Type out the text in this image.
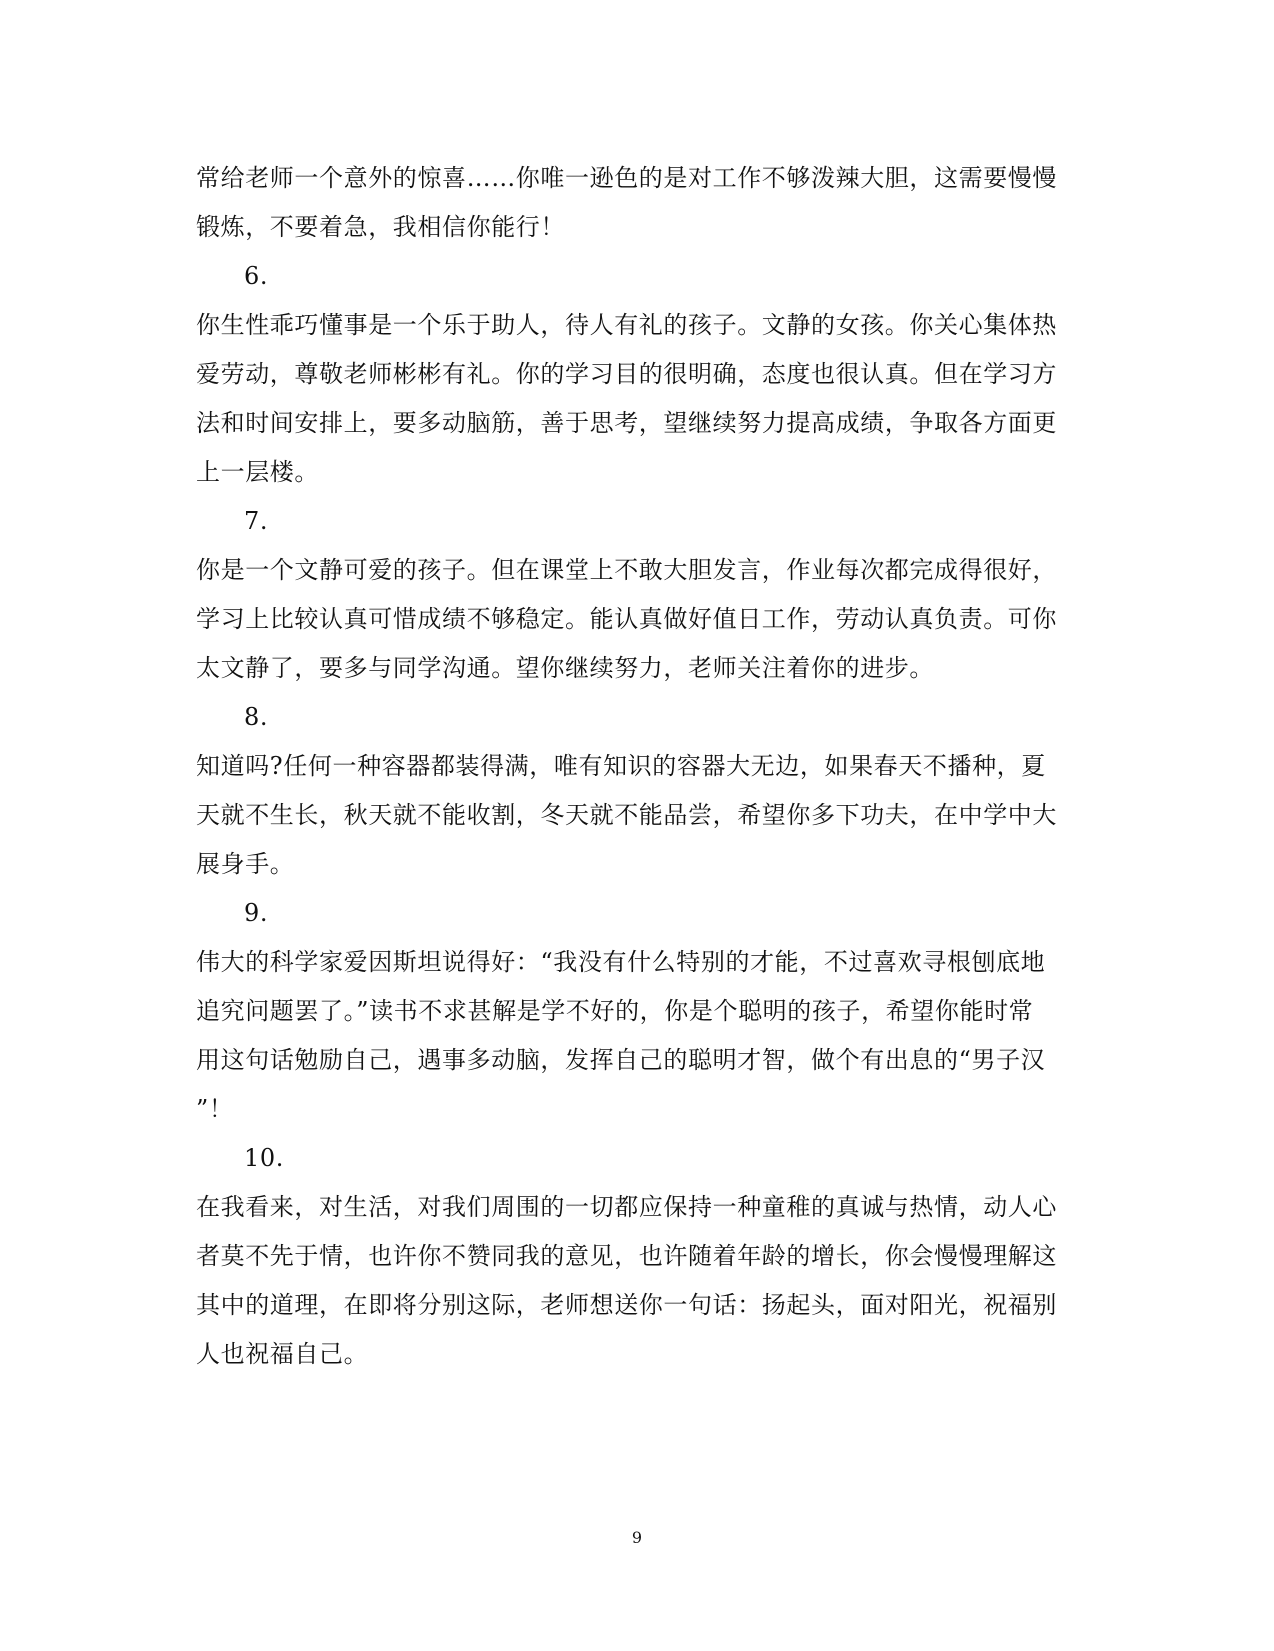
常给老师一个意外的惊喜……你唯一逊色的是对工作不够泼辣大胆，这需要慢慢
锻炼，不要着急，我相信你能行！
6.
你生性乖巧懂事是一个乐于助人，待人有礼的孩子。文静的女孩。你关心集体热
爱劳动，尊敬老师彬彬有礼。你的学习目的很明确，态度也很认真。但在学习方
法和时间安排上，要多动脑筋，善于思考，望继续努力提高成绩，争取各方面更
上一层楼。
7.
你是一个文静可爱的孩子。但在课堂上不敢大胆发言，作业每次都完成得很好，
学习上比较认真可惜成绩不够稳定。能认真做好值日工作，劳动认真负责。可你
太文静了，要多与同学沟通。望你继续努力，老师关注着你的进步。
8.
知道吗?任何一种容器都装得满，唯有知识的容器大无边，如果春天不播种，夏
天就不生长，秋天就不能收割，冬天就不能品尝，希望你多下功夫，在中学中大
展身手。
9.
伟大的科学家爱因斯坦说得好：“我没有什么特别的才能，不过喜欢寻根刨底地
追究问题罢了。”读书不求甚解是学不好的，你是个聪明的孩子，希望你能时常
用这句话勉励自己，遇事多动脑，发挥自己的聪明才智，做个有出息的“男子汉
”！
10.
在我看来，对生活，对我们周围的一切都应保持一种童稚的真诚与热情，动人心
者莫不先于情，也许你不赞同我的意见，也许随着年龄的增长，你会慢慢理解这
其中的道理，在即将分别这际，老师想送你一句话：扬起头，面对阳光，祝福别
人也祝福自己。
9
